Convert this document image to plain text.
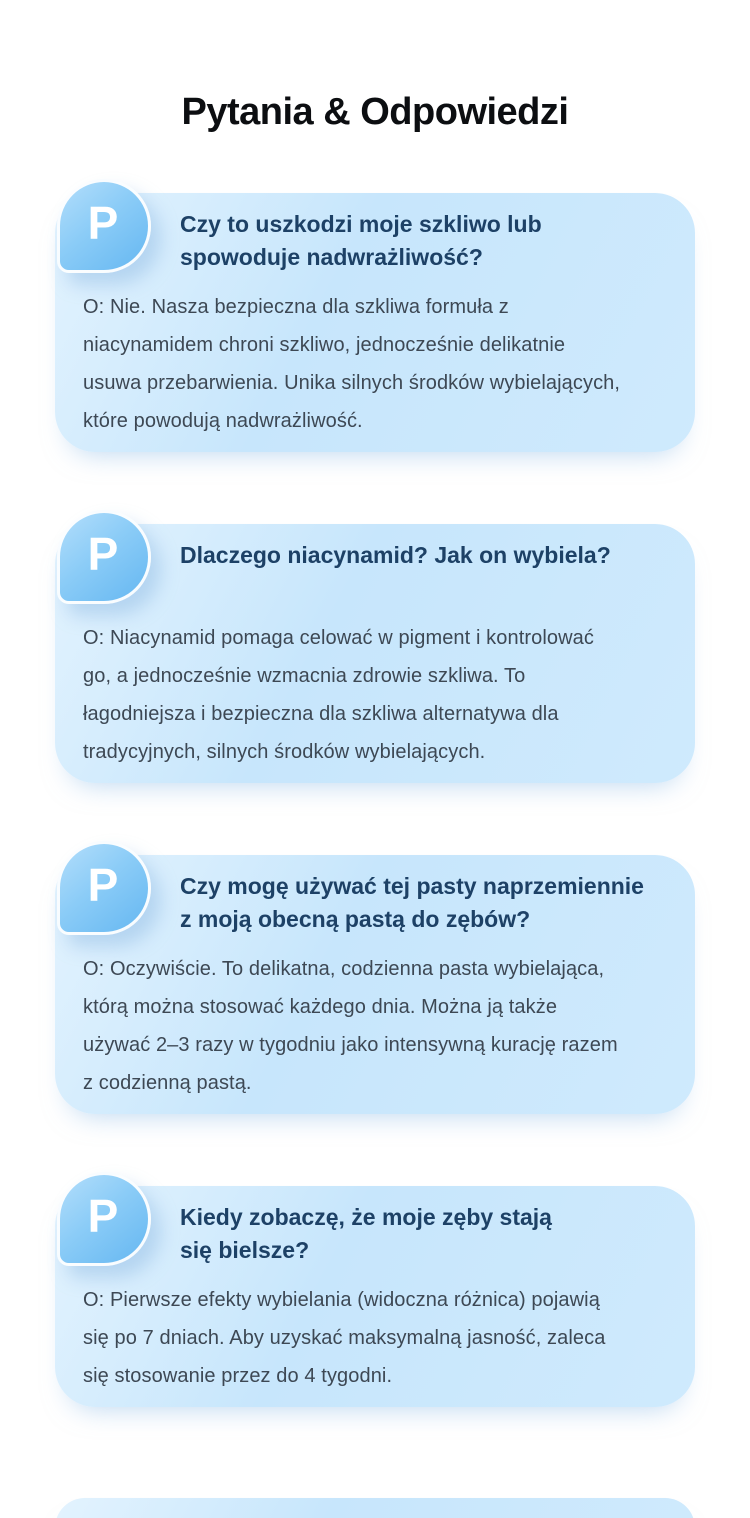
Pytania & Odpowiedzi
P	Czy to uszkodzi moje szkliwo lub
spowoduje nadwrażliwość?

O: Nie. Nasza bezpieczna dla szkliwa formuła z
niacynamidem chroni szkliwo, jednocześnie delikatnie
usuwa przebarwienia. Unika silnych środków wybielających,
które powodują nadwrażliwość.

P	Dlaczego niacynamid? Jak on wybiela?

O: Niacynamid pomaga celować w pigment i kontrolować
go, a jednocześnie wzmacnia zdrowie szkliwa. To
łagodniejsza i bezpieczna dla szkliwa alternatywa dla
tradycyjnych, silnych środków wybielających.

P	Czy mogę używać tej pasty naprzemiennie
z moją obecną pastą do zębów?

O: Oczywiście. To delikatna, codzienna pasta wybielająca,
którą można stosować każdego dnia. Można ją także
używać 2–3 razy w tygodniu jako intensywną kurację razem
z codzienną pastą.

P	Kiedy zobaczę, że moje zęby stają
się bielsze?

O: Pierwsze efekty wybielania (widoczna różnica) pojawią
się po 7 dniach. Aby uzyskać maksymalną jasność, zaleca
się stosowanie przez do 4 tygodni.
